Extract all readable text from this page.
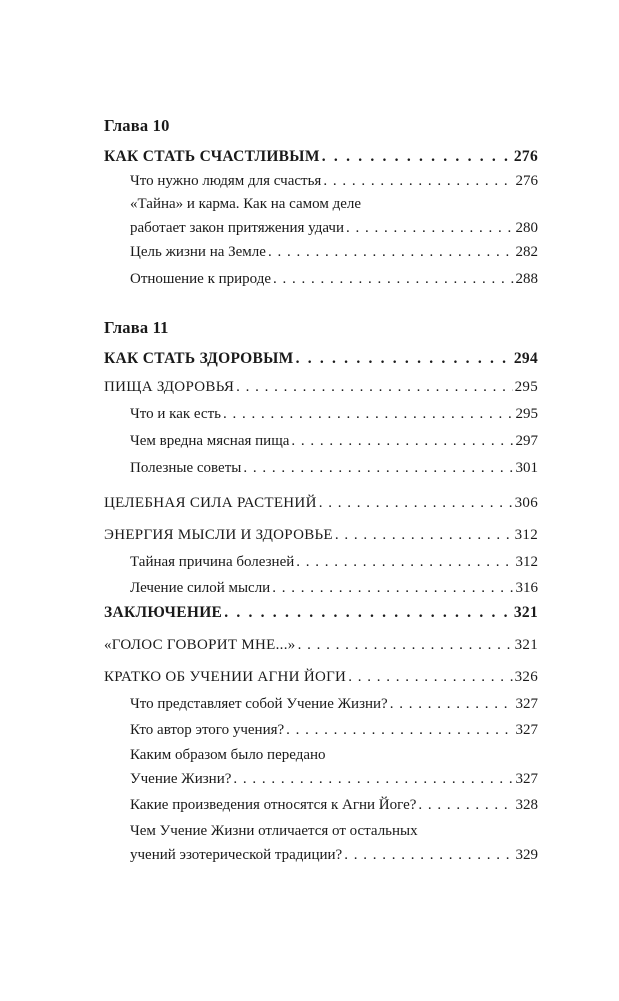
Глава 10
КАК СТАТЬ СЧАСТЛИВЫМ . . .	276
Что нужно людям для счастья . . .	276
«Тайна» и карма. Как на самом деле
работает закон притяжения удачи . . .	280
Цель жизни на Земле . . .	282
Отношение к природе . . .	288
Глава 11
КАК СТАТЬ ЗДОРОВЫМ . . .	294
ПИЩА ЗДОРОВЬЯ . . .	295
Что и как есть . . .	295
Чем вредна мясная пища . . .	297
Полезные советы . . .	301
ЦЕЛЕБНАЯ СИЛА РАСТЕНИЙ . . .	306
ЭНЕРГИЯ МЫСЛИ И ЗДОРОВЬЕ . . .	312
Тайная причина болезней . . .	312
Лечение силой мысли . . .	316
ЗАКЛЮЧЕНИЕ . . .	321
«ГОЛОС ГОВОРИТ МНЕ...» . . .	321
КРАТКО ОБ УЧЕНИИ АГНИ ЙОГИ . . .	326
Что представляет собой Учение Жизни? . . .	327
Кто автор этого учения? . . .	327
Каким образом было передано
Учение Жизни? . . .	327
Какие произведения относятся к Агни Йоге? . . .	328
Чем Учение Жизни отличается от остальных
учений эзотерической традиции? . . .	329
